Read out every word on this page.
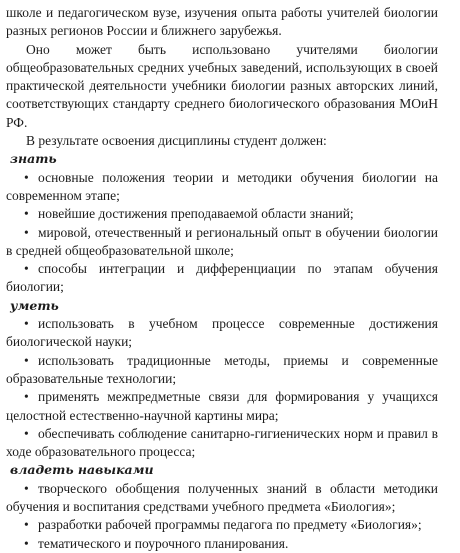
школе и педагогическом вузе, изучения опыта работы учителей биологии разных регионов России и ближнего зарубежья.

Оно может быть использовано учителями биологии общеобразовательных средних учебных заведений, использующих в своей практической деятельности учебники биологии разных авторских линий, соответствующих стандарту среднего биологического образования МОиН РФ.

В результате освоения дисциплины студент должен:

знать

• основные положения теории и методики обучения биологии на современном этапе;

• новейшие достижения преподаваемой области знаний;

• мировой, отечественный и региональный опыт в обучении биологии в средней общеобразовательной школе;

• способы интеграции и дифференциации по этапам обучения биологии;

уметь

• использовать в учебном процессе современные достижения биологической науки;

• использовать традиционные методы, приемы и современные образовательные технологии;

• применять межпредметные связи для формирования у учащихся целостной естественно-научной картины мира;

• обеспечивать соблюдение санитарно-гигиенических норм и правил в ходе образовательного процесса;

владеть навыками

• творческого обобщения полученных знаний в области методики обучения и воспитания средствами учебного предмета «Биология»;

• разработки рабочей программы педагога по предмету «Биология»;

• тематического и поурочного планирования.
